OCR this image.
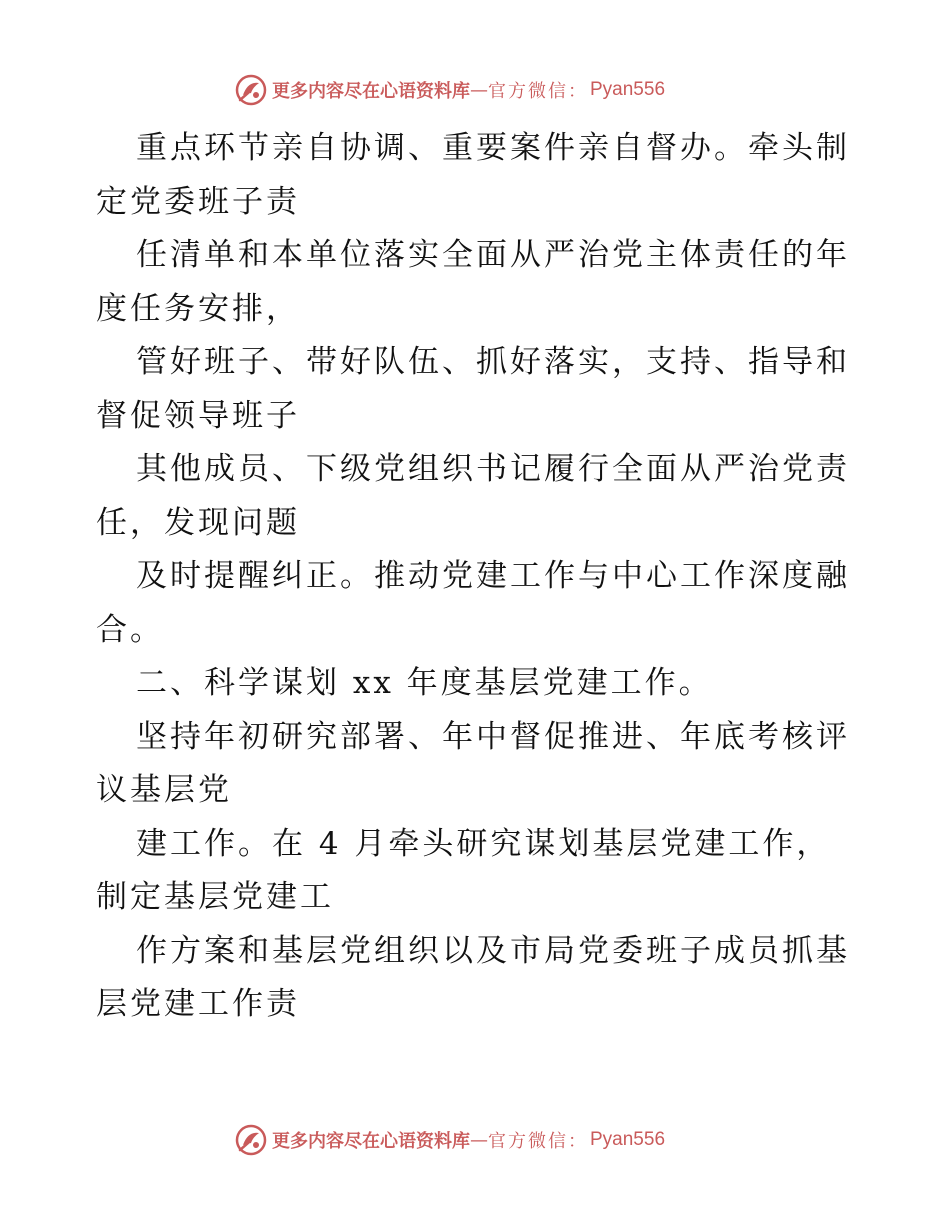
更多内容尽在心语资料库 — 官方微信： Pyan556
重点环节亲自协调、重要案件亲自督办。牵头制
定党委班子责
任清单和本单位落实全面从严治党主体责任的年
度任务安排，
管好班子、带好队伍、抓好落实，支持、指导和
督促领导班子
其他成员、下级党组织书记履行全面从严治党责
任，发现问题
及时提醒纠正。推动党建工作与中心工作深度融
合。
二、科学谋划 xx 年度基层党建工作。
坚持年初研究部署、年中督促推进、年底考核评
议基层党
建工作。在 4 月牵头研究谋划基层党建工作，
制定基层党建工
作方案和基层党组织以及市局党委班子成员抓基
层党建工作责
更多内容尽在心语资料库 — 官方微信： Pyan556
